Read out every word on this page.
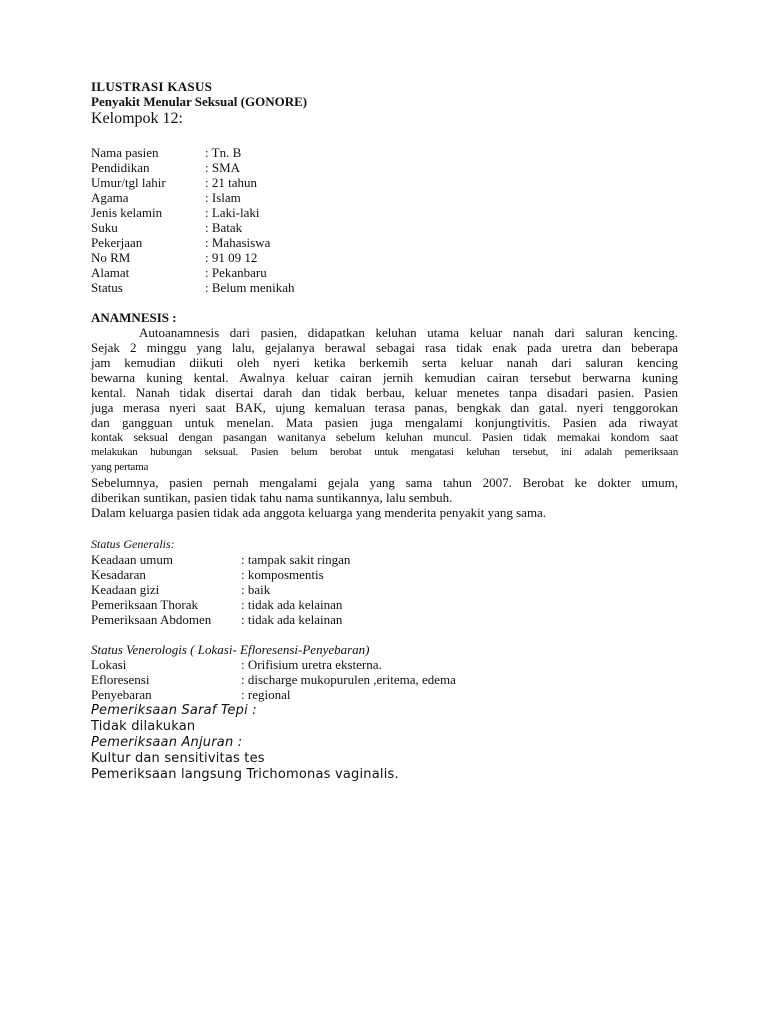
ILUSTRASI KASUS
Penyakit Menular Seksual (GONORE)
Kelompok 12:
Nama pasien	: Tn. B
Pendidikan	: SMA
Umur/tgl lahir	: 21 tahun
Agama	: Islam
Jenis kelamin	: Laki-laki
Suku	: Batak
Pekerjaan	: Mahasiswa
No RM	: 91 09 12
Alamat	: Pekanbaru
Status	: Belum menikah
ANAMNESIS :
Autoanamnesis dari pasien, didapatkan keluhan utama keluar nanah dari saluran kencing.
Sejak 2 minggu yang lalu, gejalanya berawal sebagai rasa tidak enak pada uretra dan beberapa
jam kemudian diikuti oleh nyeri ketika berkemih serta keluar nanah dari saluran kencing
bewarna kuning kental. Awalnya keluar cairan jernih kemudian cairan tersebut berwarna kuning
kental. Nanah tidak disertai darah dan tidak berbau, keluar menetes tanpa disadari pasien. Pasien
juga merasa nyeri saat BAK, ujung kemaluan terasa panas, bengkak dan gatal. nyeri tenggorokan
dan gangguan untuk menelan. Mata pasien juga mengalami konjungtivitis. Pasien ada riwayat
kontak seksual dengan pasangan wanitanya sebelum keluhan muncul. Pasien tidak memakai kondom saat
melakukan hubungan seksual. Pasien belum berobat untuk mengatasi keluhan tersebut, ini adalah pemeriksaan
yang pertama
Sebelumnya, pasien pernah mengalami gejala yang sama tahun 2007. Berobat ke dokter umum,
diberikan suntikan, pasien tidak tahu nama suntikannya, lalu sembuh.
Dalam keluarga pasien tidak ada anggota keluarga yang menderita penyakit yang sama.
Status Generalis:
Keadaan umum	: tampak sakit ringan
Kesadaran	: komposmentis
Keadaan gizi	: baik
Pemeriksaan Thorak	: tidak ada kelainan
Pemeriksaan Abdomen	: tidak ada kelainan
Status Venerologis ( Lokasi- Efloresensi-Penyebaran)
Lokasi	: Orifisium uretra eksterna.
Efloresensi	: discharge mukopurulen ,eritema, edema
Penyebaran	: regional
Pemeriksaan Saraf Tepi :
Tidak dilakukan
Pemeriksaan Anjuran :
Kultur dan sensitivitas tes
Pemeriksaan langsung Trichomonas vaginalis.
